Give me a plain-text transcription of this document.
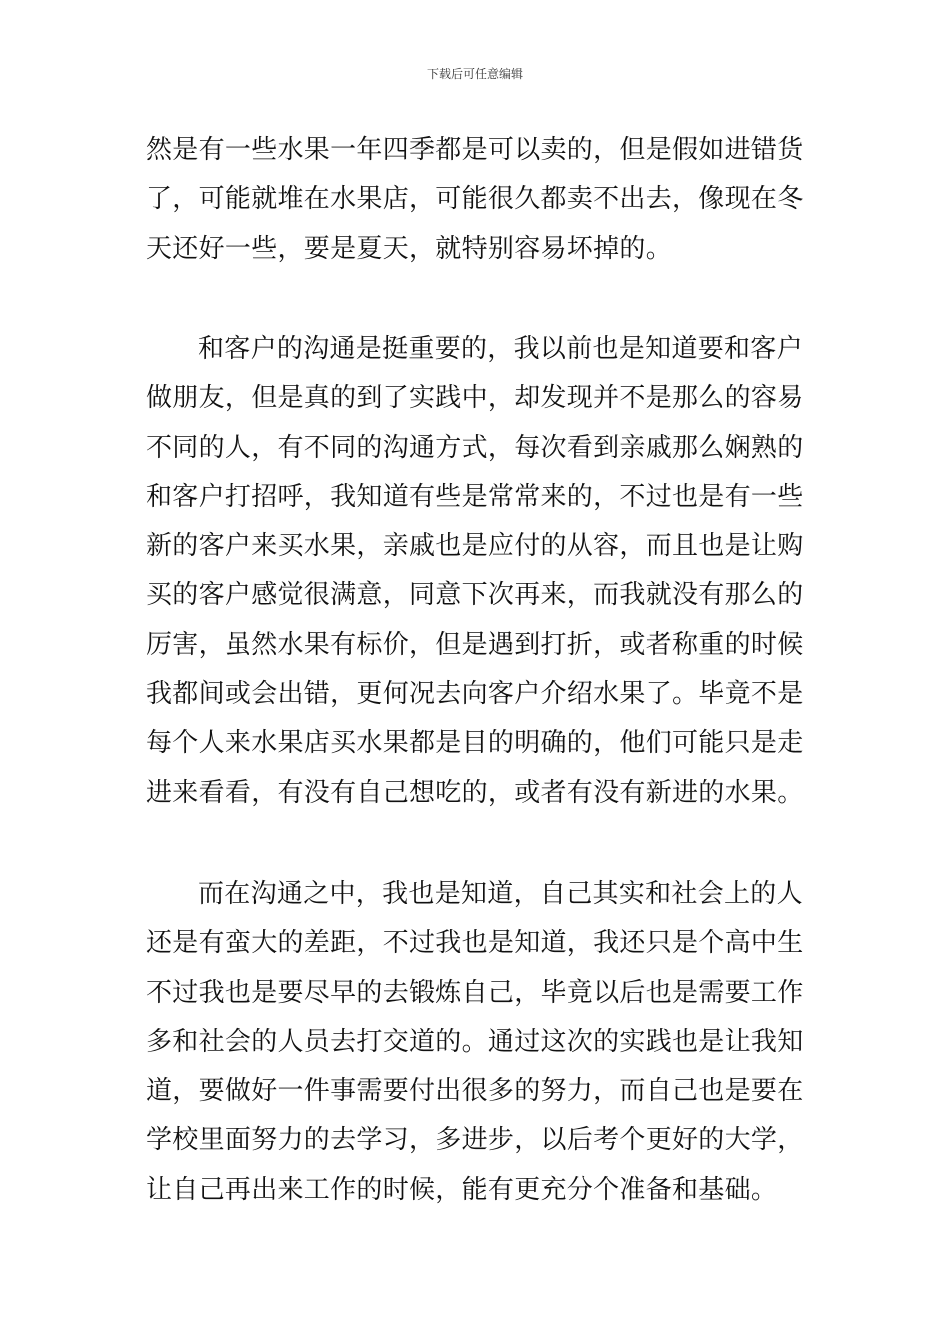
下载后可任意编辑
然是有一些水果一年四季都是可以卖的，但是假如进错货
了，可能就堆在水果店，可能很久都卖不出去，像现在冬
天还好一些，要是夏天，就特别容易坏掉的。
和客户的沟通是挺重要的，我以前也是知道要和客户
做朋友，但是真的到了实践中，却发现并不是那么的容易
不同的人，有不同的沟通方式，每次看到亲戚那么娴熟的
和客户打招呼，我知道有些是常常来的，不过也是有一些
新的客户来买水果，亲戚也是应付的从容，而且也是让购
买的客户感觉很满意，同意下次再来，而我就没有那么的
厉害，虽然水果有标价，但是遇到打折，或者称重的时候
我都间或会出错，更何况去向客户介绍水果了。毕竟不是
每个人来水果店买水果都是目的明确的，他们可能只是走
进来看看，有没有自己想吃的，或者有没有新进的水果。
而在沟通之中，我也是知道，自己其实和社会上的人
还是有蛮大的差距，不过我也是知道，我还只是个高中生
不过我也是要尽早的去锻炼自己，毕竟以后也是需要工作
多和社会的人员去打交道的。通过这次的实践也是让我知
道，要做好一件事需要付出很多的努力，而自己也是要在
学校里面努力的去学习，多进步，以后考个更好的大学，
让自己再出来工作的时候，能有更充分个准备和基础。
